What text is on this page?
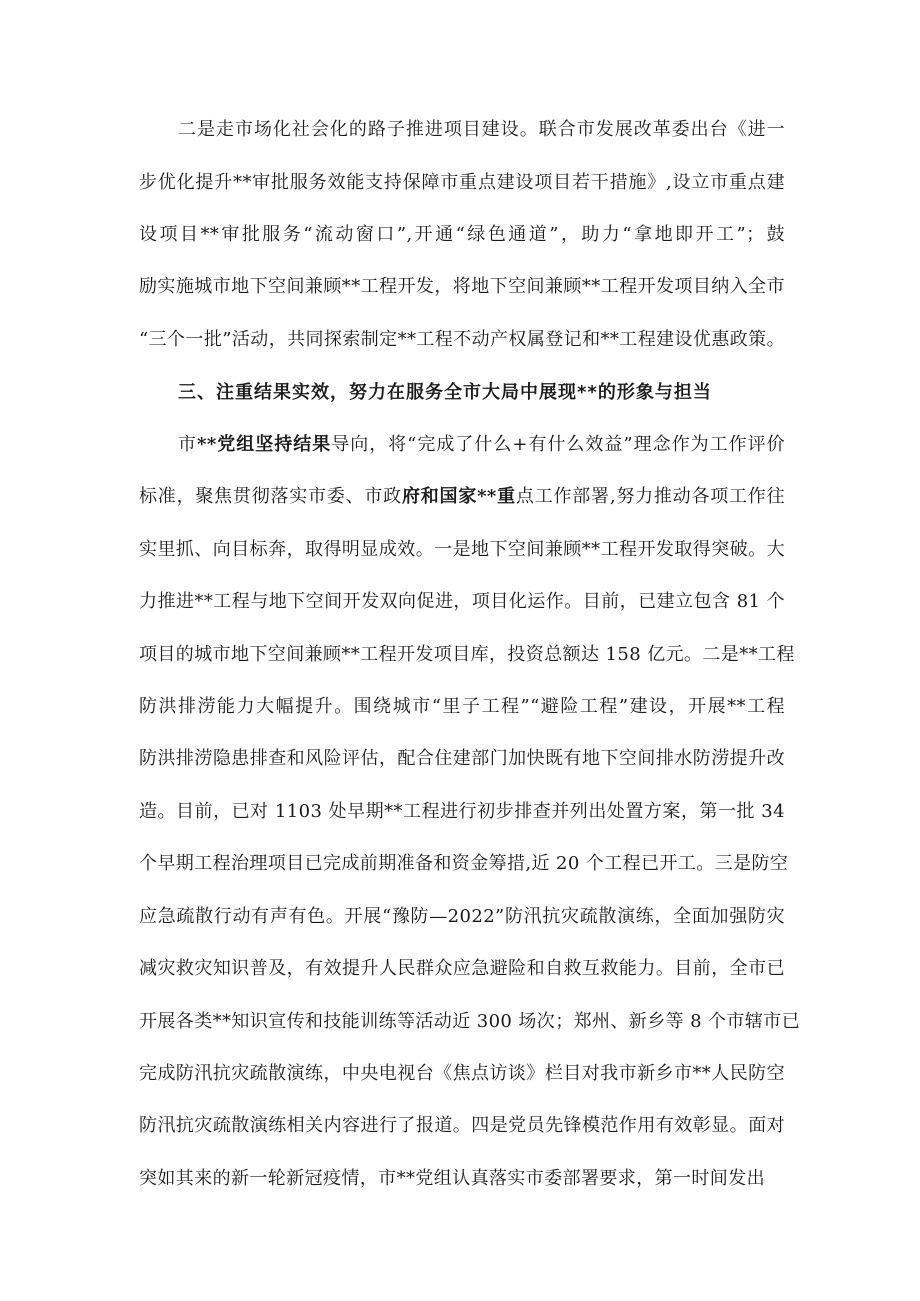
二是走市场化社会化的路子推进项目建设。联合市发展改革委出台《进一
步优化提升**审批服务效能支持保障市重点建设项目若干措施》,设立市重点建
设项目**审批服务“流动窗口”,开通“绿色通道”，助力“拿地即开工”；鼓
励实施城市地下空间兼顾**工程开发，将地下空间兼顾**工程开发项目纳入全市
“三个一批”活动，共同探索制定**工程不动产权属登记和**工程建设优惠政策。
三、注重结果实效，努力在服务全市大局中展现**的形象与担当
市**党组坚持结果导向，将“完成了什么+有什么效益”理念作为工作评价
标准，聚焦贯彻落实市委、市政府和国家**重点工作部署,努力推动各项工作往
实里抓、向目标奔，取得明显成效。一是地下空间兼顾**工程开发取得突破。大
力推进**工程与地下空间开发双向促进，项目化运作。目前，已建立包含 81 个
项目的城市地下空间兼顾**工程开发项目库，投资总额达 158 亿元。二是**工程
防洪排涝能力大幅提升。围绕城市“里子工程”“避险工程”建设，开展**工程
防洪排涝隐患排查和风险评估，配合住建部门加快既有地下空间排水防涝提升改
造。目前，已对 1103 处早期**工程进行初步排查并列出处置方案，第一批 34
个早期工程治理项目已完成前期准备和资金筹措,近 20 个工程已开工。三是防空
应急疏散行动有声有色。开展“豫防—2022”防汛抗灾疏散演练，全面加强防灾
减灾救灾知识普及，有效提升人民群众应急避险和自救互救能力。目前，全市已
开展各类**知识宣传和技能训练等活动近 300 场次；郑州、新乡等 8 个市辖市已
完成防汛抗灾疏散演练，中央电视台《焦点访谈》栏目对我市新乡市**人民防空
防汛抗灾疏散演练相关内容进行了报道。四是党员先锋模范作用有效彰显。面对
突如其来的新一轮新冠疫情，市**党组认真落实市委部署要求，第一时间发出
